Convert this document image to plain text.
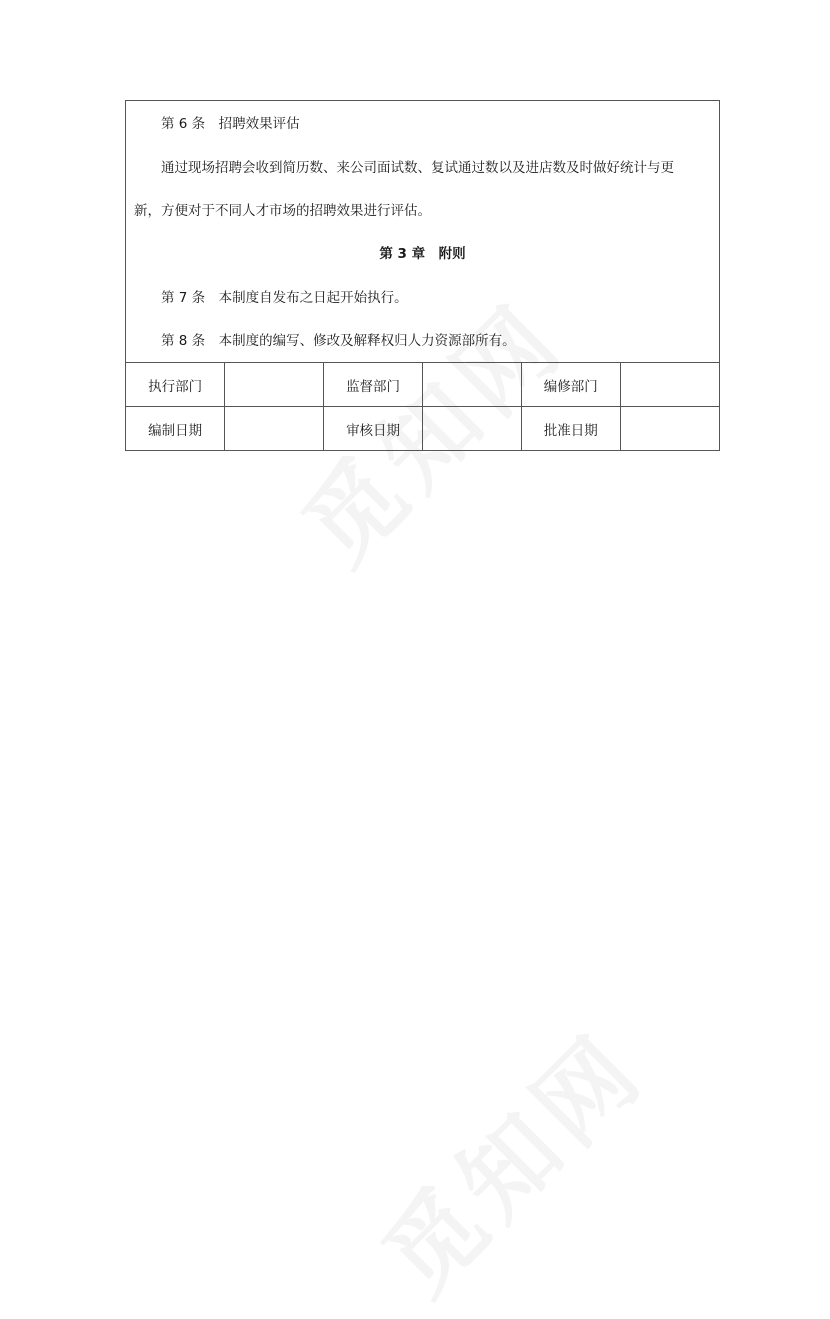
第 6 条　招聘效果评估
通过现场招聘会收到简历数、来公司面试数、复试通过数以及进店数及时做好统计与更
新，方便对于不同人才市场的招聘效果进行评估。
第 3 章　附则
第 7 条　本制度自发布之日起开始执行。
第 8 条　本制度的编写、修改及解释权归人力资源部所有。
执行部门		监督部门		编修部门	
编制日期		审核日期		批准日期	
